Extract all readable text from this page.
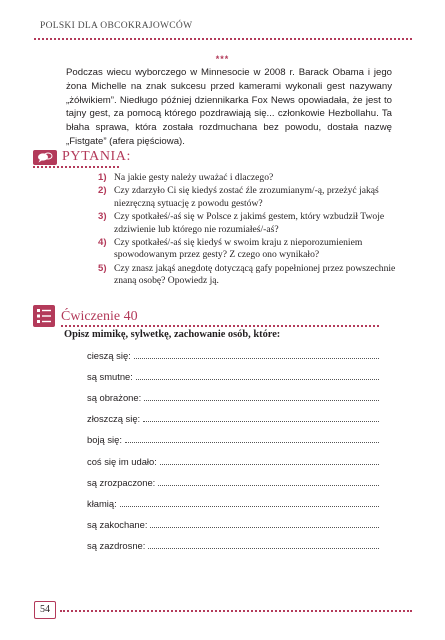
POLSKI DLA OBCOKRAJOWCÓW
***
Podczas wiecu wyborczego w Minnesocie w 2008 r. Barack Obama i jego żona Michelle na znak sukcesu przed kamerami wykonali gest nazywany „żółwikiem”. Niedługo później dziennikarka Fox News opowiadała, że jest to tajny gest, za pomocą którego pozdrawiają się... członkowie Hezbollahu. Ta błaha sprawa, która została rozdmuchana bez powodu, dostała nazwę „Fistgate” (afera pięściowa).
PYTANIA:
1) Na jakie gesty należy uważać i dlaczego?
2) Czy zdarzyło Ci się kiedyś zostać źle zrozumianym/-ą, przeżyć jakąś niezręczną sytuację z powodu gestów?
3) Czy spotkałeś/-aś się w Polsce z jakimś gestem, który wzbudził Twoje zdziwienie lub którego nie rozumiałeś/-aś?
4) Czy spotkałeś/-aś się kiedyś w swoim kraju z nieporozumieniem spowodowanym przez gesty? Z czego ono wynikało?
5) Czy znasz jakąś anegdotę dotyczącą gafy popełnionej przez powszechnie znaną osobę? Opowiedz ją.
Ćwiczenie 40
Opisz mimikę, sylwetkę, zachowanie osób, które:
cieszą się:
są smutne:
są obrażone:
złoszczą się:
boją się:
coś się im udało:
są zrozpaczone:
kłamią:
są zakochane:
są zazdrosne:
54
